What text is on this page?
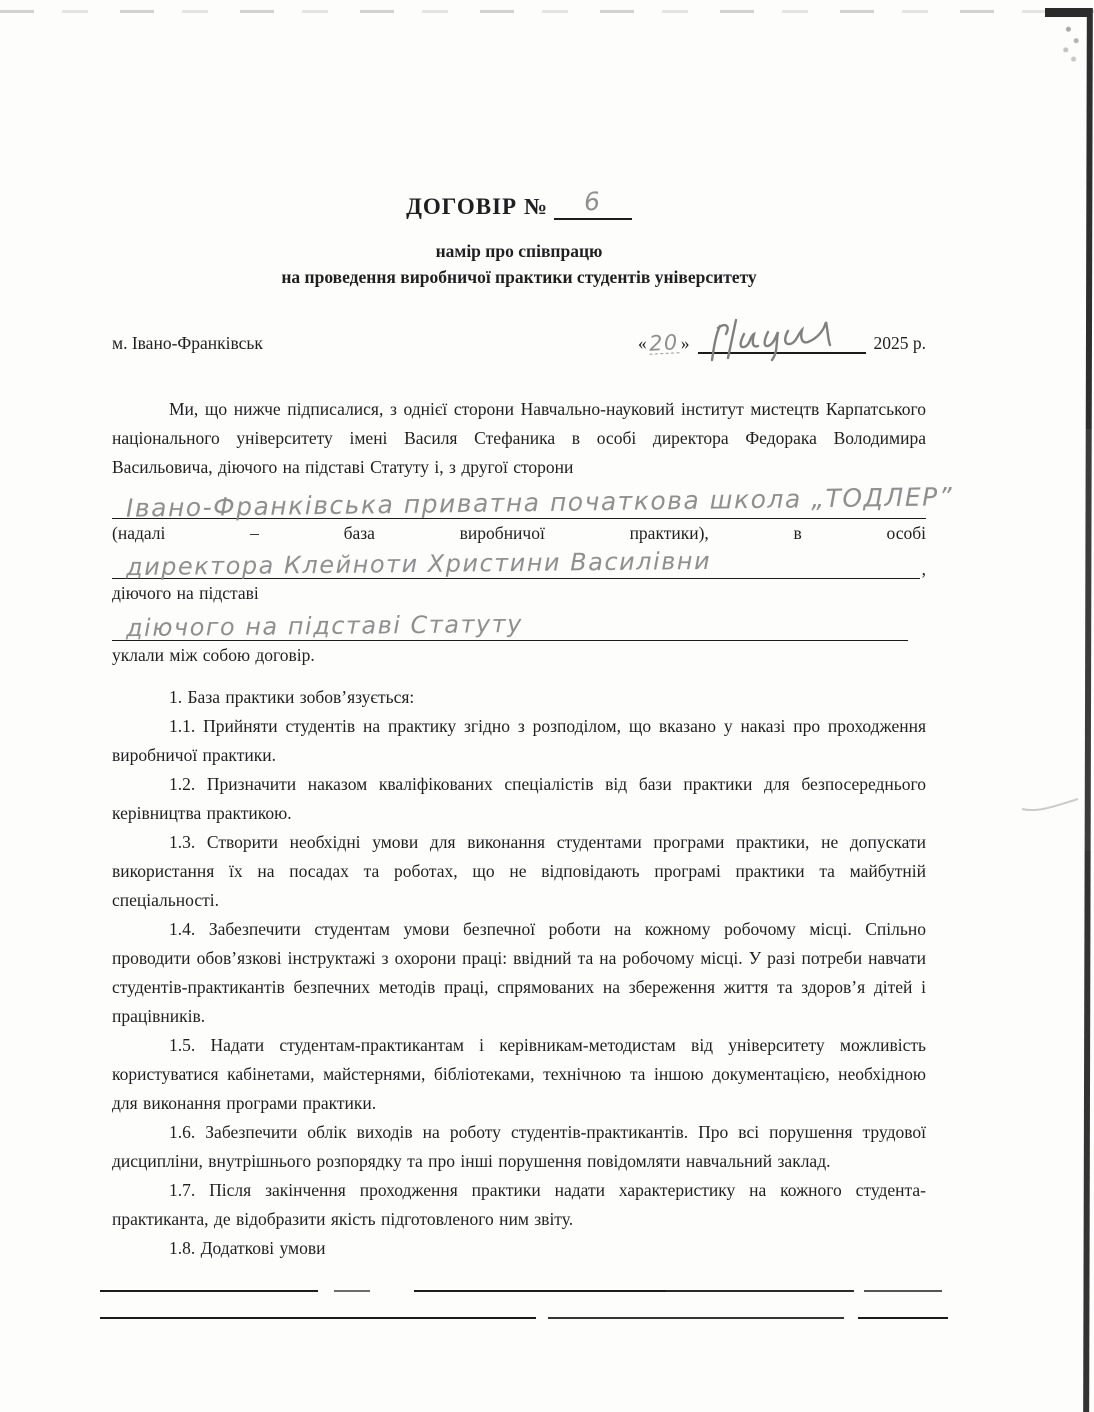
ДОГОВІР №	6
намір про співпрацю
на проведення виробничої практики студентів університету
м. Івано-Франківськ	« 20 »	2025 р.

Ми, що нижче підписалися, з однієї сторони Навчально-науковий інститут мистецтв Карпатського національного університету імені Василя Стефаника в особі директора Федорака Володимира Васильовича, діючого на підставі Статуту і, з другої сторони

Івано-Франківська приватна початкова школа „ТОДЛЕР”
(надалі – база виробничої практики), в особі
директора Клейноти Христини Василівни	,
діючого на підставі
діючого на підставі Статуту
уклали між собою договір.

1. База практики зобов’язується:

1.1. Прийняти студентів на практику згідно з розподілом, що вказано у наказі про проходження виробничої практики.

1.2. Призначити наказом кваліфікованих спеціалістів від бази практики для безпосереднього керівництва практикою.

1.3. Створити необхідні умови для виконання студентами програми практики, не допускати використання їх на посадах та роботах, що не відповідають програмі практики та майбутній спеціальності.

1.4. Забезпечити студентам умови безпечної роботи на кожному робочому місці. Спільно проводити обов’язкові інструктажі з охорони праці: ввідний та на робочому місці. У разі потреби навчати студентів-практикантів безпечних методів праці, спрямованих на збереження життя та здоров’я дітей і працівників.

1.5. Надати студентам-практикантам і керівникам-методистам від університету можливість користуватися кабінетами, майстернями, бібліотеками, технічною та іншою документацією, необхідною для виконання програми практики.

1.6. Забезпечити облік виходів на роботу студентів-практикантів. Про всі порушення трудової дисципліни, внутрішнього розпорядку та про інші порушення повідомляти навчальний заклад.

1.7. Після закінчення проходження практики надати характеристику на кожного студента-практиканта, де відобразити якість підготовленого ним звіту.

1.8. Додаткові умови
